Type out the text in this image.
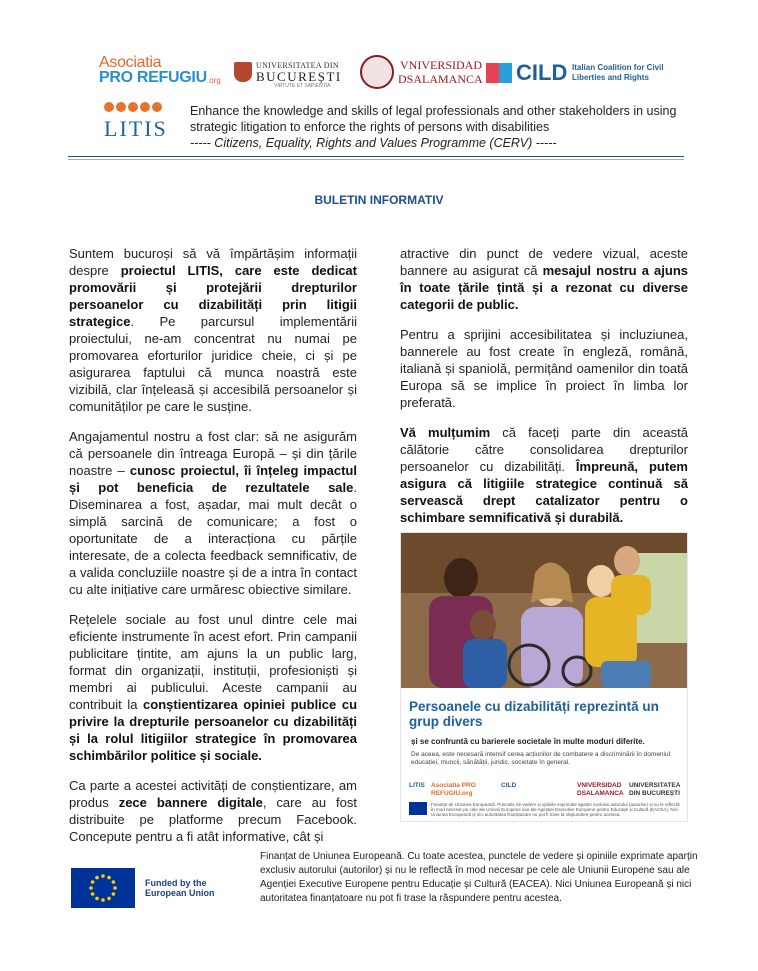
Asociatia
PRO REFUGIU .org
UNIVERSITATEA DIN
BUCUREȘTI
VIRTUTE ET SAPIENTIA
VNIVERSIDAD
DSALAMANCA CILD Italian Coalition for Civil Liberties and Rights
LITIS
Enhance the knowledge and skills of legal professionals and other stakeholders in using
strategic litigation to enforce the rights of persons with disabilities
----- Citizens, Equality, Rights and Values Programme (CERV) -----
BULETIN INFORMATIV

Suntem bucuroși să vă împărtășim informații despre proiectul LITIS, care este dedicat promovării și protejării drepturilor persoanelor cu dizabilități prin litigii strategice. Pe parcursul implementării proiectului, ne-am concentrat nu numai pe promovarea eforturilor juridice cheie, ci și pe asigurarea faptului că munca noastră este vizibilă, clar înțeleasă și accesibilă persoanelor și comunităților pe care le susține.

Angajamentul nostru a fost clar: să ne asigurăm că persoanele din întreaga Europă – și din țările noastre – cunosc proiectul, îi înțeleg impactul și pot beneficia de rezultatele sale. Diseminarea a fost, așadar, mai mult decât o simplă sarcină de comunicare; a fost o oportunitate de a interacționa cu părțile interesate, de a colecta feedback semnificativ, de a valida concluziile noastre și de a intra în contact cu alte inițiative care urmăresc obiective similare.

Rețelele sociale au fost unul dintre cele mai eficiente instrumente în acest efort. Prin campanii publicitare țintite, am ajuns la un public larg, format din organizații, instituții, profesioniști și membri ai publicului. Aceste campanii au contribuit la conștientizarea opiniei publice cu privire la drepturile persoanelor cu dizabilități și la rolul litigiilor strategice în promovarea schimbărilor politice și sociale.

Ca parte a acestei activități de conștientizare, am produs zece bannere digitale, care au fost distribuite pe platforme precum Facebook. Concepute pentru a fi atât informative, cât și

atractive din punct de vedere vizual, aceste bannere au asigurat că mesajul nostru a ajuns în toate țările țintă și a rezonat cu diverse categorii de public.

Pentru a sprijini accesibilitatea și incluziunea, bannerele au fost create în engleză, română, italiană și spaniolă, permițând oamenilor din toată Europa să se implice în proiect în limba lor preferată.

Vă mulțumim că faceți parte din această călătorie către consolidarea drepturilor persoanelor cu dizabilități. Împreună, putem asigura că litigiile strategice continuă să servească drept catalizator pentru o schimbare semnificativă și durabilă.

Persoanele cu dizabilități reprezintă un grup divers
și se confruntă cu barierele societale în multe moduri diferite.
De aceea, este necesară intensif cerea acțiunilor de combatere a discriminării în domeniul educației, muncii, sănătății, juridic, societate în general.
LITIS Asociatia PRO REFUGIU.org
CILD	VNIVERSIDAD DSALAMANCA
UNIVERSITATEA DIN BUCUREȘTI
Finanțat de Uniunea Europeană. Punctele de vedere și opiniile exprimate aparțin exclusiv autorului (autorilor) și nu le reflectă în mod necesar pe cele ale Uniunii Europene sau ale Agenției Executive Europene pentru Educație și Cultură (EACEA). Nici Uniunea Europeană și nici autoritatea finanțatoare nu pot fi trase la răspundere pentru acestea.
Funded by the
European Union
Finanțat de Uniunea Europeană. Cu toate acestea, punctele de vedere și opiniile exprimate aparțin exclusiv autorului (autorilor) și nu le reflectă în mod necesar pe cele ale Uniunii Europene sau ale Agenției Executive Europene pentru Educație și Cultură (EACEA). Nici Uniunea Europeană și nici autoritatea finanțatoare nu pot fi trase la răspundere pentru acestea.
